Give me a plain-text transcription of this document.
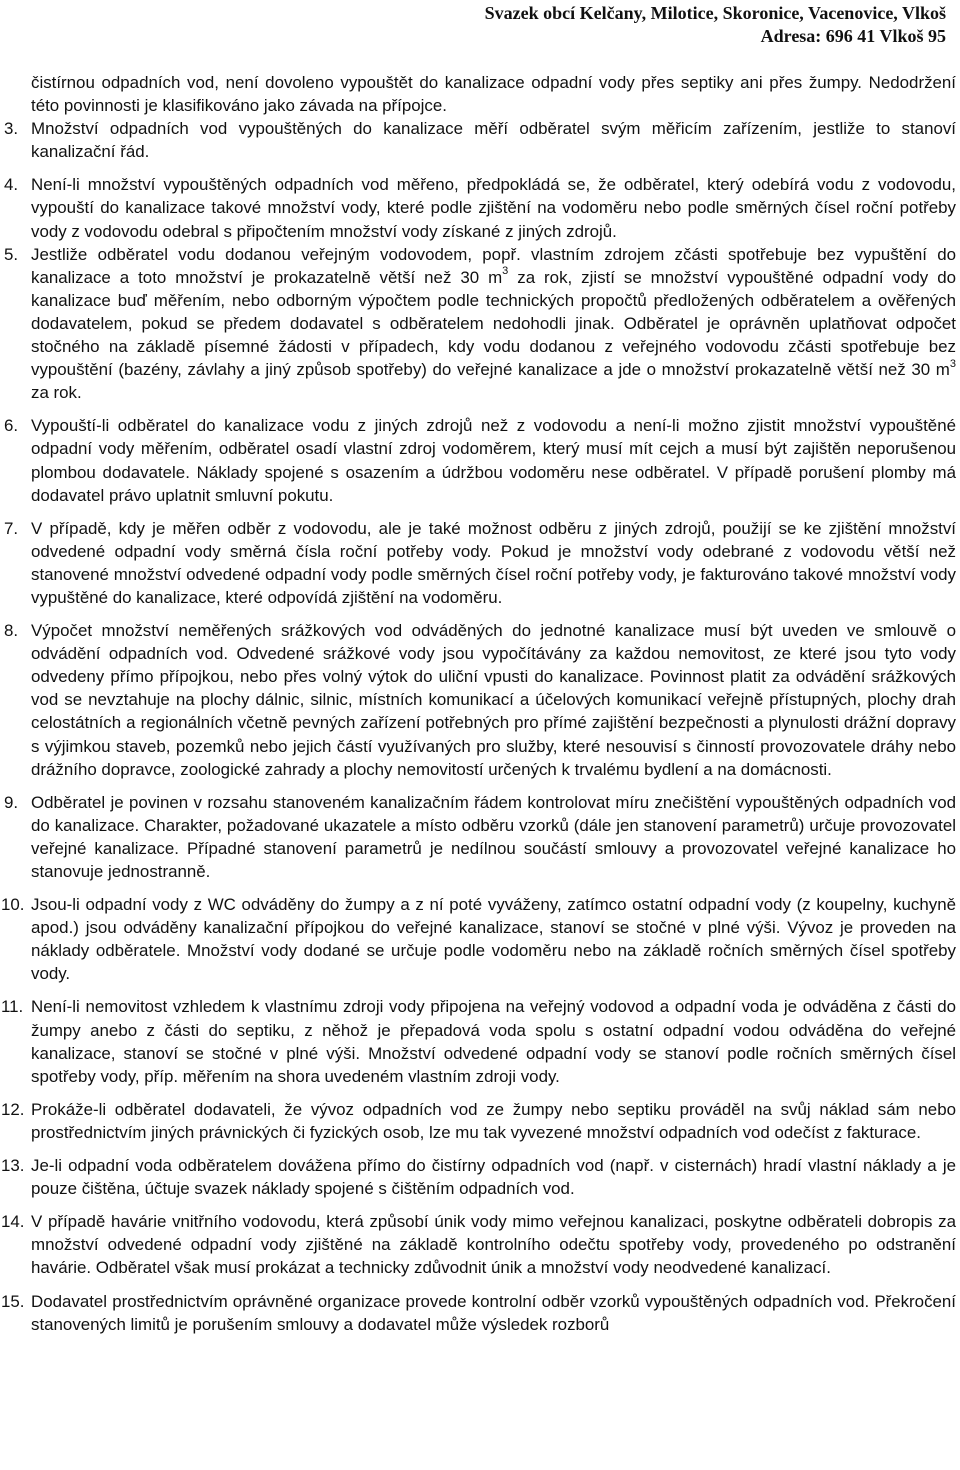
Svazek obcí Kelčany, Milotice, Skoronice, Vacenovice, Vlkoš
Adresa: 696 41 Vlkoš 95

čistírnou odpadních vod, není dovoleno vypouštět do kanalizace odpadní vody přes septiky ani přes žumpy. Nedodržení této povinnosti je klasifikováno jako závada na přípojce.

3. Množství odpadních vod vypouštěných do kanalizace měří odběratel svým měřicím zařízením, jestliže to stanoví kanalizační řád.
4. Není-li množství vypouštěných odpadních vod měřeno, předpokládá se, že odběratel, který odebírá vodu z vodovodu, vypouští do kanalizace takové množství vody, které podle zjištění na vodoměru nebo podle směrných čísel roční potřeby vody z vodovodu odebral s připočtením množství vody získané z jiných zdrojů.
5. Jestliže odběratel vodu dodanou veřejným vodovodem, popř. vlastním zdrojem zčásti spotřebuje bez vypuštění do kanalizace a toto množství je prokazatelně větší než 30 $m^3$ za rok, zjistí se množství vypouštěné odpadní vody do kanalizace buď měřením, nebo odborným výpočtem podle technických propočtů předložených odběratelem a ověřených dodavatelem, pokud se předem dodavatel s odběratelem nedohodli jinak. Odběratel je oprávněn uplatňovat odpočet stočného na základě písemné žádosti v případech, kdy vodu dodanou z veřejného vodovodu zčásti spotřebuje bez vypouštění (bazény, závlahy a jiný způsob spotřeby) do veřejné kanalizace a jde o množství prokazatelně větší než 30 $m^3$ za rok.
6. Vypouští-li odběratel do kanalizace vodu z jiných zdrojů než z vodovodu a není-li možno zjistit množství vypouštěné odpadní vody měřením, odběratel osadí vlastní zdroj vodoměrem, který musí mít cejch a musí být zajištěn neporušenou plombou dodavatele. Náklady spojené s osazením a údržbou vodoměru nese odběratel. V případě porušení plomby má dodavatel právo uplatnit smluvní pokutu.
7. V případě, kdy je měřen odběr z vodovodu, ale je také možnost odběru z jiných zdrojů, použijí se ke zjištění množství odvedené odpadní vody směrná čísla roční potřeby vody. Pokud je množství vody odebrané z vodovodu větší než stanovené množství odvedené odpadní vody podle směrných čísel roční potřeby vody, je fakturováno takové množství vody vypuštěné do kanalizace, které odpovídá zjištění na vodoměru.
8. Výpočet množství neměřených srážkových vod odváděných do jednotné kanalizace musí být uveden ve smlouvě o odvádění odpadních vod. Odvedené srážkové vody jsou vypočítávány za každou nemovitost, ze které jsou tyto vody odvedeny přímo přípojkou, nebo přes volný výtok do uliční vpusti do kanalizace. Povinnost platit za odvádění srážkových vod se nevztahuje na plochy dálnic, silnic, místních komunikací a účelových komunikací veřejně přístupných, plochy drah celostátních a regionálních včetně pevných zařízení potřebných pro přímé zajištění bezpečnosti a plynulosti drážní dopravy s výjimkou staveb, pozemků nebo jejich částí využívaných pro služby, které nesouvisí s činností provozovatele dráhy nebo drážního dopravce, zoologické zahrady a plochy nemovitostí určených k trvalému bydlení a na domácnosti.
9. Odběratel je povinen v rozsahu stanoveném kanalizačním řádem kontrolovat míru znečištění vypouštěných odpadních vod do kanalizace. Charakter, požadované ukazatele a místo odběru vzorků (dále jen stanovení parametrů) určuje provozovatel veřejné kanalizace. Případné stanovení parametrů je nedílnou součástí smlouvy a provozovatel veřejné kanalizace ho stanovuje jednostranně.
10. Jsou-li odpadní vody z WC odváděny do žumpy a z ní poté vyváženy, zatímco ostatní odpadní vody (z koupelny, kuchyně apod.) jsou odváděny kanalizační přípojkou do veřejné kanalizace, stanoví se stočné v plné výši. Vývoz je proveden na náklady odběratele. Množství vody dodané se určuje podle vodoměru nebo na základě ročních směrných čísel spotřeby vody.
11. Není-li nemovitost vzhledem k vlastnímu zdroji vody připojena na veřejný vodovod a odpadní voda je odváděna z části do žumpy anebo z části do septiku, z něhož je přepadová voda spolu s ostatní odpadní vodou odváděna do veřejné kanalizace, stanoví se stočné v plné výši. Množství odvedené odpadní vody se stanoví podle ročních směrných čísel spotřeby vody, příp. měřením na shora uvedeném vlastním zdroji vody.
12. Prokáže-li odběratel dodavateli, že vývoz odpadních vod ze žumpy nebo septiku prováděl na svůj náklad sám nebo prostřednictvím jiných právnických či fyzických osob, lze mu tak vyvezené množství odpadních vod odečíst z fakturace.
13. Je-li odpadní voda odběratelem dovážena přímo do čistírny odpadních vod (např. v cisternách) hradí vlastní náklady a je pouze čištěna, účtuje svazek náklady spojené s čištěním odpadních vod.
14. V případě havárie vnitřního vodovodu, která způsobí únik vody mimo veřejnou kanalizaci, poskytne odběrateli dobropis za množství odvedené odpadní vody zjištěné na základě kontrolního odečtu spotřeby vody, provedeného po odstranění havárie. Odběratel však musí prokázat a technicky zdůvodnit únik a množství vody neodvedené kanalizací.
15. Dodavatel prostřednictvím oprávněné organizace provede kontrolní odběr vzorků vypouštěných odpadních vod. Překročení stanovených limitů je porušením smlouvy a dodavatel může výsledek rozborů
